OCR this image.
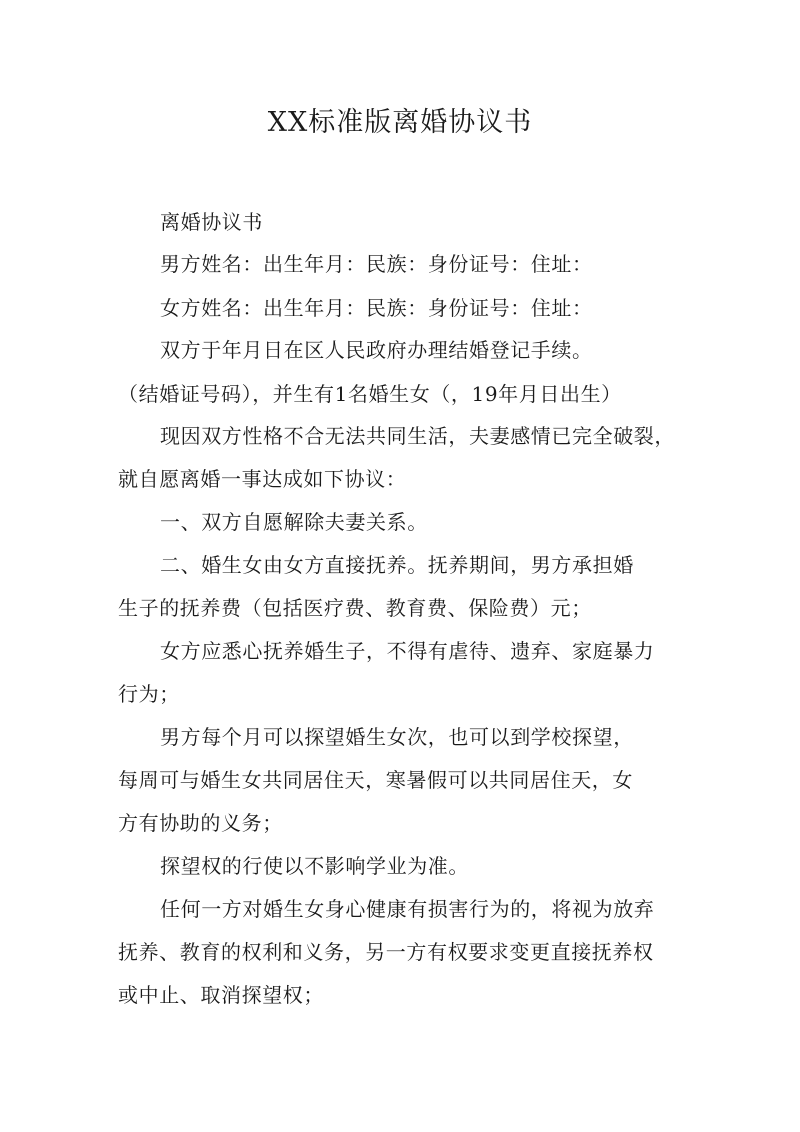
XX标准版离婚协议书
离婚协议书
男方姓名：出生年月：民族：身份证号：住址：
女方姓名：出生年月：民族：身份证号：住址：
双方于年月日在区人民政府办理结婚登记手续。
（结婚证号码），并生有1名婚生女（，19年月日出生）
现因双方性格不合无法共同生活，夫妻感情已完全破裂，
就自愿离婚一事达成如下协议：
一、双方自愿解除夫妻关系。
二、婚生女由女方直接抚养。抚养期间，男方承担婚
生子的抚养费（包括医疗费、教育费、保险费）元；
女方应悉心抚养婚生子，不得有虐待、遗弃、家庭暴力
行为；
男方每个月可以探望婚生女次，也可以到学校探望，
每周可与婚生女共同居住天，寒暑假可以共同居住天，女
方有协助的义务；
探望权的行使以不影响学业为准。
任何一方对婚生女身心健康有损害行为的，将视为放弃
抚养、教育的权利和义务，另一方有权要求变更直接抚养权
或中止、取消探望权；
